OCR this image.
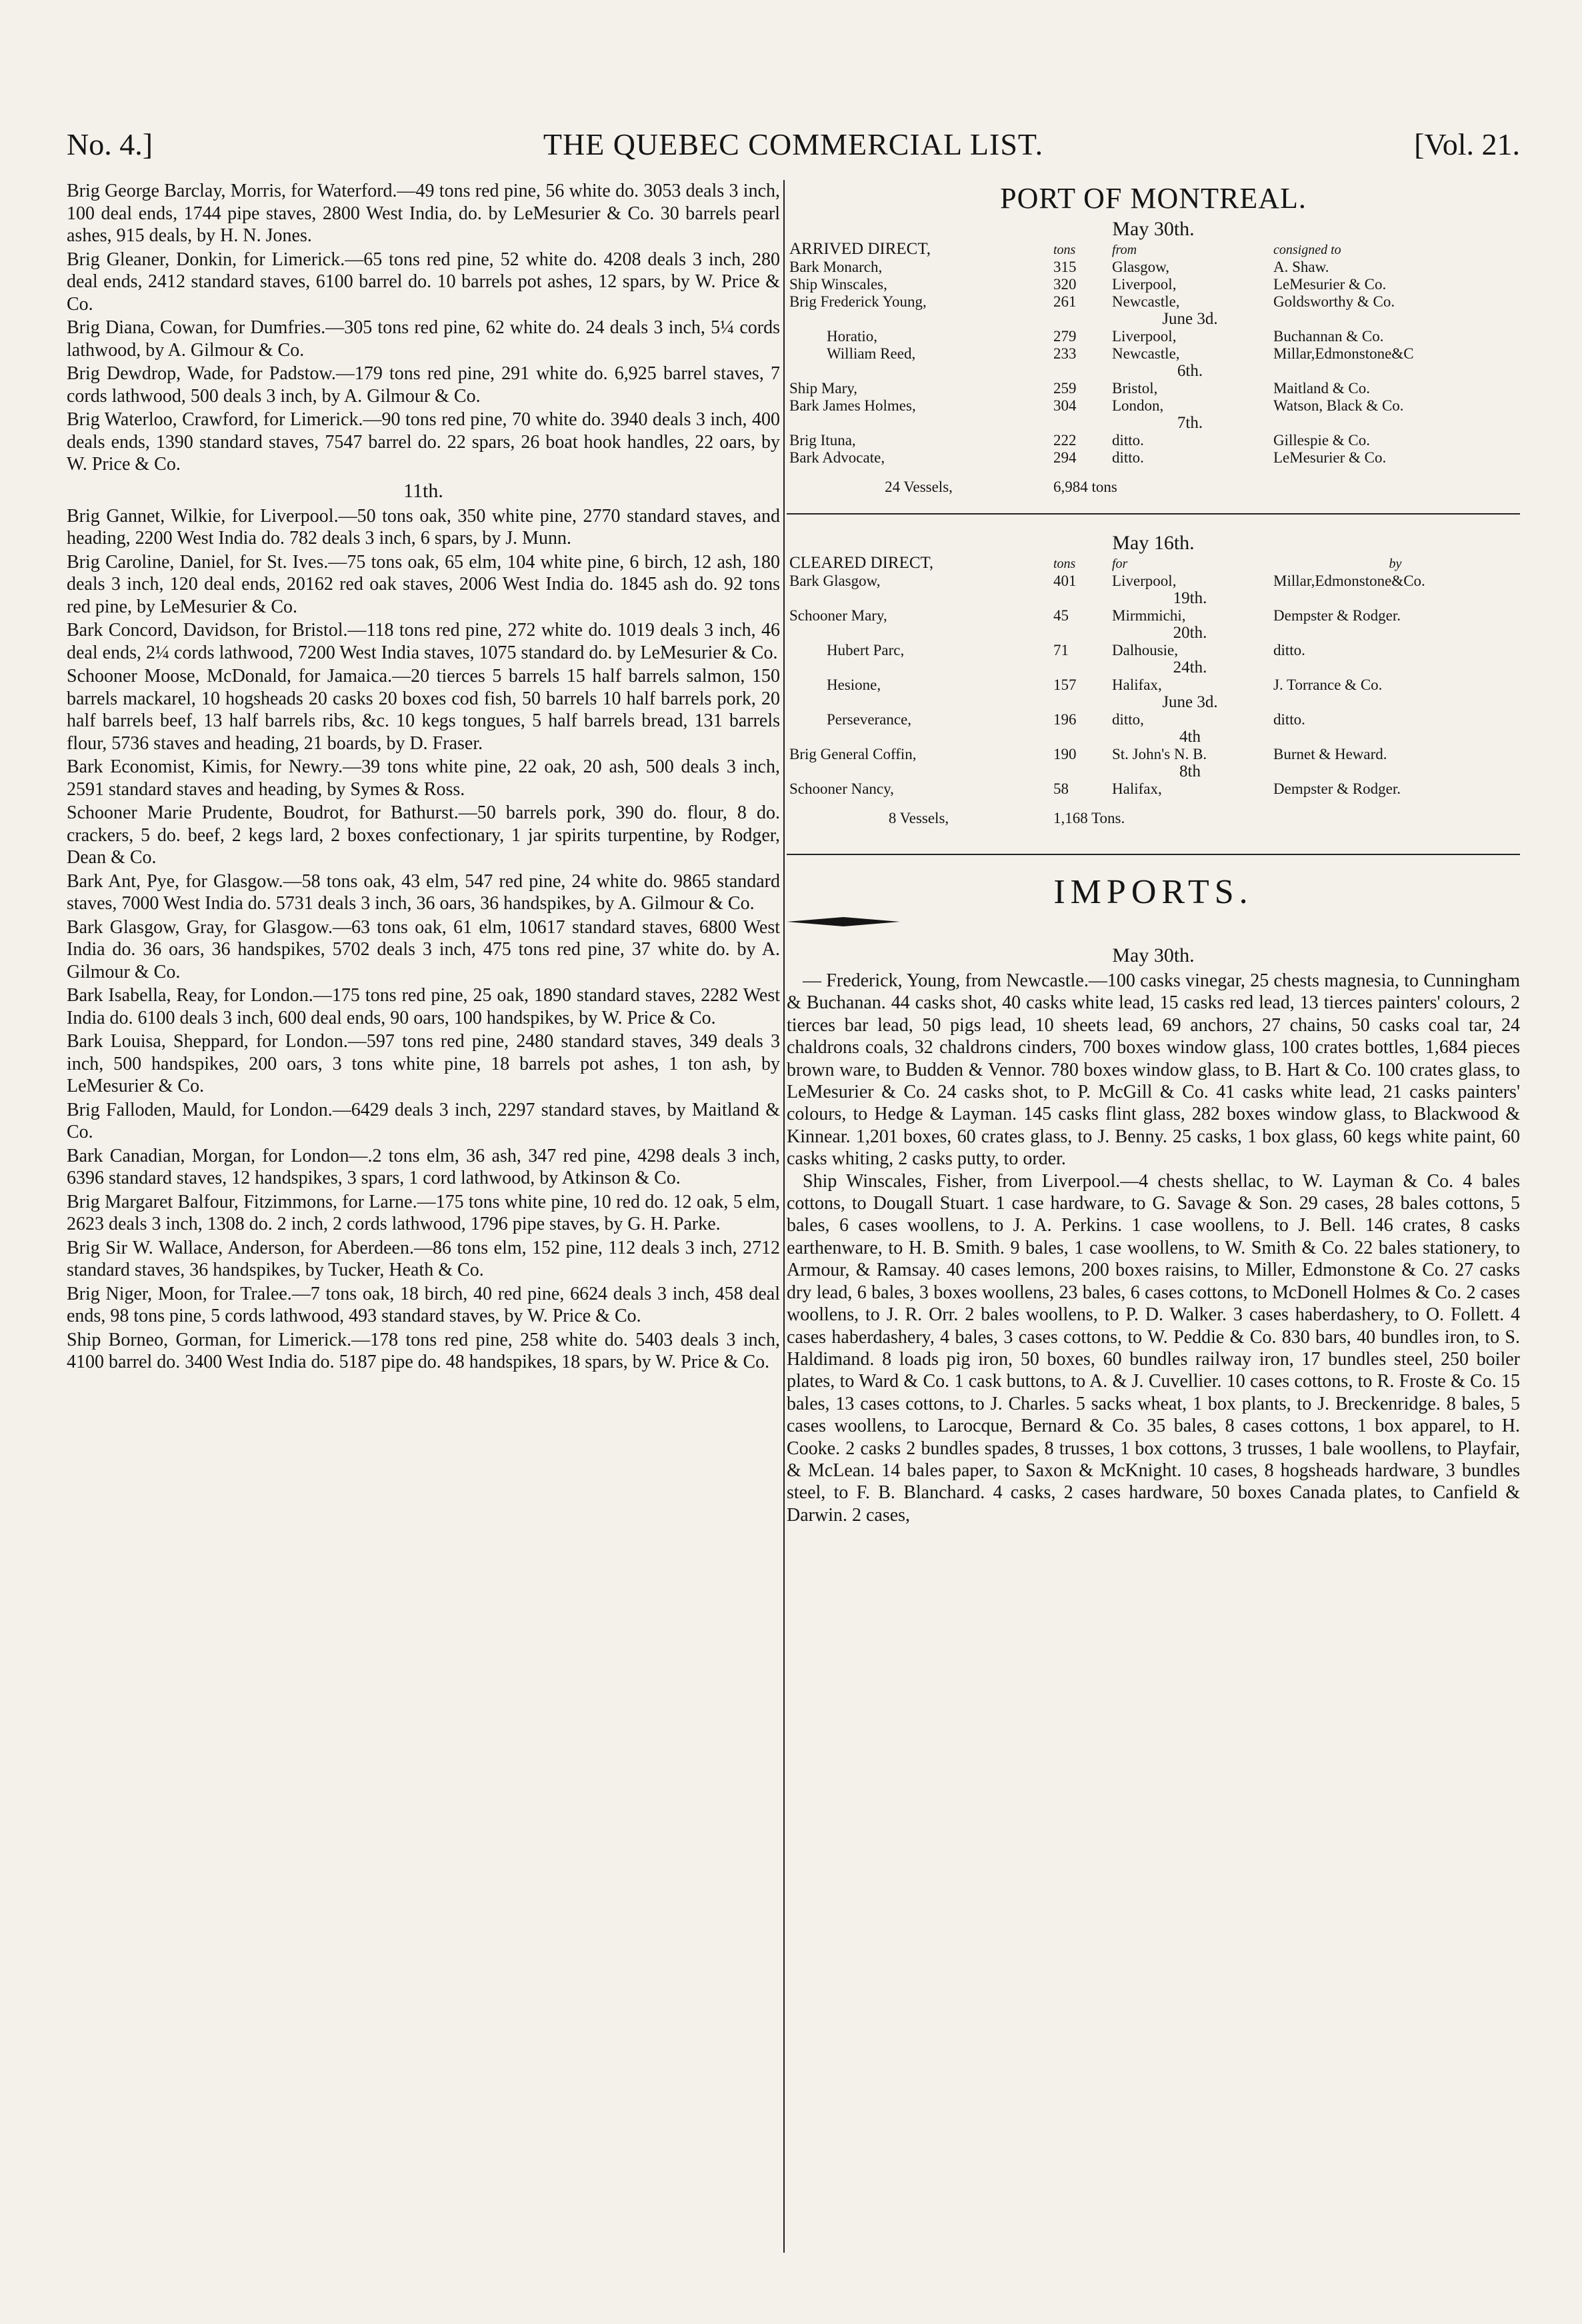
No. 4.]	THE QUEBEC COMMERCIAL LIST.	[Vol. 21.

Brig George Barclay, Morris, for Waterford.—49 tons red pine, 56 white do. 3053 deals 3 inch, 100 deal ends, 1744 pipe staves, 2800 West India, do. by LeMesurier & Co. 30 barrels pearl ashes, 915 deals, by H. N. Jones.

Brig Gleaner, Donkin, for Limerick.—65 tons red pine, 52 white do. 4208 deals 3 inch, 280 deal ends, 2412 standard staves, 6100 barrel do. 10 barrels pot ashes, 12 spars, by W. Price & Co.

Brig Diana, Cowan, for Dumfries.—305 tons red pine, 62 white do. 24 deals 3 inch, 5¼ cords lathwood, by A. Gilmour & Co.

Brig Dewdrop, Wade, for Padstow.—179 tons red pine, 291 white do. 6,925 barrel staves, 7 cords lathwood, 500 deals 3 inch, by A. Gilmour & Co.

Brig Waterloo, Crawford, for Limerick.—90 tons red pine, 70 white do. 3940 deals 3 inch, 400 deals ends, 1390 standard staves, 7547 barrel do. 22 spars, 26 boat hook handles, 22 oars, by W. Price & Co.

11th.

Brig Gannet, Wilkie, for Liverpool.—50 tons oak, 350 white pine, 2770 standard staves, and heading, 2200 West India do. 782 deals 3 inch, 6 spars, by J. Munn.

Brig Caroline, Daniel, for St. Ives.—75 tons oak, 65 elm, 104 white pine, 6 birch, 12 ash, 180 deals 3 inch, 120 deal ends, 20162 red oak staves, 2006 West India do. 1845 ash do. 92 tons red pine, by LeMesurier & Co.

Bark Concord, Davidson, for Bristol.—118 tons red pine, 272 white do. 1019 deals 3 inch, 46 deal ends, 2¼ cords lathwood, 7200 West India staves, 1075 standard do. by LeMesurier & Co.

Schooner Moose, McDonald, for Jamaica.—20 tierces 5 barrels 15 half barrels salmon, 150 barrels mackarel, 10 hogsheads 20 casks 20 boxes cod fish, 50 barrels 10 half barrels pork, 20 half barrels beef, 13 half barrels ribs, &c. 10 kegs tongues, 5 half barrels bread, 131 barrels flour, 5736 staves and heading, 21 boards, by D. Fraser.

Bark Economist, Kimis, for Newry.—39 tons white pine, 22 oak, 20 ash, 500 deals 3 inch, 2591 standard staves and heading, by Symes & Ross.

Schooner Marie Prudente, Boudrot, for Bathurst.—50 barrels pork, 390 do. flour, 8 do. crackers, 5 do. beef, 2 kegs lard, 2 boxes confectionary, 1 jar spirits turpentine, by Rodger, Dean & Co.

Bark Ant, Pye, for Glasgow.—58 tons oak, 43 elm, 547 red pine, 24 white do. 9865 standard staves, 7000 West India do. 5731 deals 3 inch, 36 oars, 36 handspikes, by A. Gilmour & Co.

Bark Glasgow, Gray, for Glasgow.—63 tons oak, 61 elm, 10617 standard staves, 6800 West India do. 36 oars, 36 handspikes, 5702 deals 3 inch, 475 tons red pine, 37 white do. by A. Gilmour & Co.

Bark Isabella, Reay, for London.—175 tons red pine, 25 oak, 1890 standard staves, 2282 West India do. 6100 deals 3 inch, 600 deal ends, 90 oars, 100 handspikes, by W. Price & Co.

Bark Louisa, Sheppard, for London.—597 tons red pine, 2480 standard staves, 349 deals 3 inch, 500 handspikes, 200 oars, 3 tons white pine, 18 barrels pot ashes, 1 ton ash, by LeMesurier & Co.

Brig Falloden, Mauld, for London.—6429 deals 3 inch, 2297 standard staves, by Maitland & Co.

Bark Canadian, Morgan, for London—.2 tons elm, 36 ash, 347 red pine, 4298 deals 3 inch, 6396 standard staves, 12 handspikes, 3 spars, 1 cord lathwood, by Atkinson & Co.

Brig Margaret Balfour, Fitzimmons, for Larne.—175 tons white pine, 10 red do. 12 oak, 5 elm, 2623 deals 3 inch, 1308 do. 2 inch, 2 cords lathwood, 1796 pipe staves, by G. H. Parke.

Brig Sir W. Wallace, Anderson, for Aberdeen.—86 tons elm, 152 pine, 112 deals 3 inch, 2712 standard staves, 36 handspikes, by Tucker, Heath & Co.

Brig Niger, Moon, for Tralee.—7 tons oak, 18 birch, 40 red pine, 6624 deals 3 inch, 458 deal ends, 98 tons pine, 5 cords lathwood, 493 standard staves, by W. Price & Co.

Ship Borneo, Gorman, for Limerick.—178 tons red pine, 258 white do. 5403 deals 3 inch, 4100 barrel do. 3400 West India do. 5187 pipe do. 48 handspikes, 18 spars, by W. Price & Co.

PORT OF MONTREAL.

May 30th.

ARRIVED DIRECT,	tons	from	consigned to
Bark Monarch,	315	Glasgow,	A. Shaw.
Ship Winscales,	320	Liverpool,	LeMesurier & Co.
Brig Frederick Young,	261	Newcastle,	Goldsworthy & Co.
		June 3d.	
Horatio,	279	Liverpool,	Buchannan & Co.
William Reed,	233	Newcastle,	Millar,Edmonstone&C
		6th.	
Ship Mary,	259	Bristol,	Maitland & Co.
Bark James Holmes,	304	London,	Watson, Black & Co.
		7th.	
Brig Ituna,	222	ditto.	Gillespie & Co.
Bark Advocate,	294	ditto.	LeMesurier & Co.
24 Vessels,	6,984 tons	

May 16th.

CLEARED DIRECT,	tons	for	by
Bark Glasgow,	401	Liverpool,	Millar,Edmonstone&Co.
		19th.	
Schooner Mary,	45	Mirmmichi,	Dempster & Rodger.
		20th.	
Hubert Parc,	71	Dalhousie,	ditto.
		24th.	
Hesione,	157	Halifax,	J. Torrance & Co.
		June 3d.	
Perseverance,	196	ditto,	ditto.
		4th	
Brig General Coffin,	190	St. John's N. B.	Burnet & Heward.
		8th	
Schooner Nancy,	58	Halifax,	Dempster & Rodger.
8 Vessels,	1,168 Tons.	
IMPORTS.

May 30th.

— Frederick, Young, from Newcastle.—100 casks vinegar, 25 chests magnesia, to Cunningham & Buchanan. 44 casks shot, 40 casks white lead, 15 casks red lead, 13 tierces painters' colours, 2 tierces bar lead, 50 pigs lead, 10 sheets lead, 69 anchors, 27 chains, 50 casks coal tar, 24 chaldrons coals, 32 chaldrons cinders, 700 boxes window glass, 100 crates bottles, 1,684 pieces brown ware, to Budden & Vennor. 780 boxes window glass, to B. Hart & Co. 100 crates glass, to LeMesurier & Co. 24 casks shot, to P. McGill & Co. 41 casks white lead, 21 casks painters' colours, to Hedge & Layman. 145 casks flint glass, 282 boxes window glass, to Blackwood & Kinnear. 1,201 boxes, 60 crates glass, to J. Benny. 25 casks, 1 box glass, 60 kegs white paint, 60 casks whiting, 2 casks putty, to order.

Ship Winscales, Fisher, from Liverpool.—4 chests shellac, to W. Layman & Co. 4 bales cottons, to Dougall Stuart. 1 case hardware, to G. Savage & Son. 29 cases, 28 bales cottons, 5 bales, 6 cases woollens, to J. A. Perkins. 1 case woollens, to J. Bell. 146 crates, 8 casks earthenware, to H. B. Smith. 9 bales, 1 case woollens, to W. Smith & Co. 22 bales stationery, to Armour, & Ramsay. 40 cases lemons, 200 boxes raisins, to Miller, Edmonstone & Co. 27 casks dry lead, 6 bales, 3 boxes woollens, 23 bales, 6 cases cottons, to McDonell Holmes & Co. 2 cases woollens, to J. R. Orr. 2 bales woollens, to P. D. Walker. 3 cases haberdashery, to O. Follett. 4 cases haberdashery, 4 bales, 3 cases cottons, to W. Peddie & Co. 830 bars, 40 bundles iron, to S. Haldimand. 8 loads pig iron, 50 boxes, 60 bundles railway iron, 17 bundles steel, 250 boiler plates, to Ward & Co. 1 cask buttons, to A. & J. Cuvellier. 10 cases cottons, to R. Froste & Co. 15 bales, 13 cases cottons, to J. Charles. 5 sacks wheat, 1 box plants, to J. Breckenridge. 8 bales, 5 cases woollens, to Larocque, Bernard & Co. 35 bales, 8 cases cottons, 1 box apparel, to H. Cooke. 2 casks 2 bundles spades, 8 trusses, 1 box cottons, 3 trusses, 1 bale woollens, to Playfair, & McLean. 14 bales paper, to Saxon & McKnight. 10 cases, 8 hogsheads hardware, 3 bundles steel, to F. B. Blanchard. 4 casks, 2 cases hardware, 50 boxes Canada plates, to Canfield & Darwin. 2 cases,
